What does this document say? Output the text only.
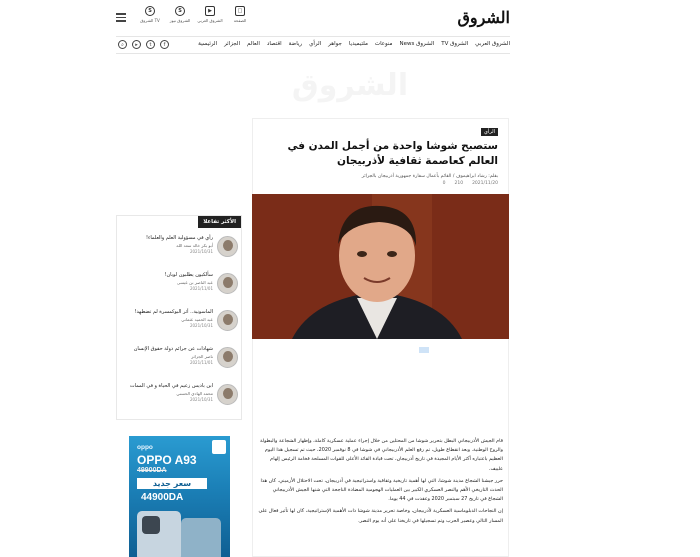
الشروق
S
الشروق TV
S
الشروق نيوز
▶
الشروق العربي
□
الصفحة
الرئيسية الجزائر العالم اقتصاد رياضة الرأي جواهر ملتيميديا منوعات الشروق News الشروق TV الشروق العربي
⌕	▸	t	f
الشروق
الرأي
ستصبح شوشا واحدة من أجمل المدن في العالم كعاصمة ثقافية لأذربيجان
بقلم: رشاد ابراهيموف / القائم بأعمال سفارة جمهورية أذربيجان بالجزائر
2021/11/20
210
0

قام الجيش الأذربيجاني البطل بتحرير شوشا من المحتلين من خلال إجراء عملية عسكرية كاملة، وإظهار الشجاعة والبطولة والروح الوطنية. وبعد انقطاع طويل، تم رفع العلم الأذربيجاني في شوشا في 8 نوفمبر 2020، حيث تم تسجيل هذا اليوم العظيم باعتباره أكثر الأيام المجيدة في تاريخ أذربيجان، تحت قيادة القائد الأعلى للقوات المسلحة فخامة الرئيس إلهام علييف.

حرر جيشنا الشجاع مدينة شوشا، التي لها أهمية تاريخية وثقافية واستراتيجية في أذربيجان، تحت الاحتلال الأرميني. كان هذا الحدث التاريخي الأهم والنصر العسكري الكبير بين العمليات الهجومية المضادة الناجحة التي شنها الجيش الأذربيجاني الشجاع في تاريخ 27 سبتمبر 2020 وعقدت في 44 يوما.

إن النجاحات الدبلوماسية العسكرية لأذربيجان، وخاصة تحرير مدينة شوشا ذات الأهمية الإستراتيجية، كان لها تأثير فعال على المسار التالي وعصير الحرب وتم تسجيلها في تاريخنا على أنه يوم النصر.

الأكثر تفاعلا
رأي في مسؤولية العلم والعلماء!
أبو بكر خالد سعد الله
2021/10/31
سألكيون يطلبون لوبان!
عبد الناصر بن عيسى
2021/11/01
الماسونية.. أثر البوكمسرة لم تضطهد!
عبد الحميد عثماني
2021/10/31
شهادات عن جرائم دولة حقوق الإنسان
ناصر الجزائر
2021/11/01
ابن باديس زعيم في الحياة و في الممات
محمد الهادي الحسني
2021/10/31
oppo
OPPO A93
49900DA
سعر جديد
44900DA
